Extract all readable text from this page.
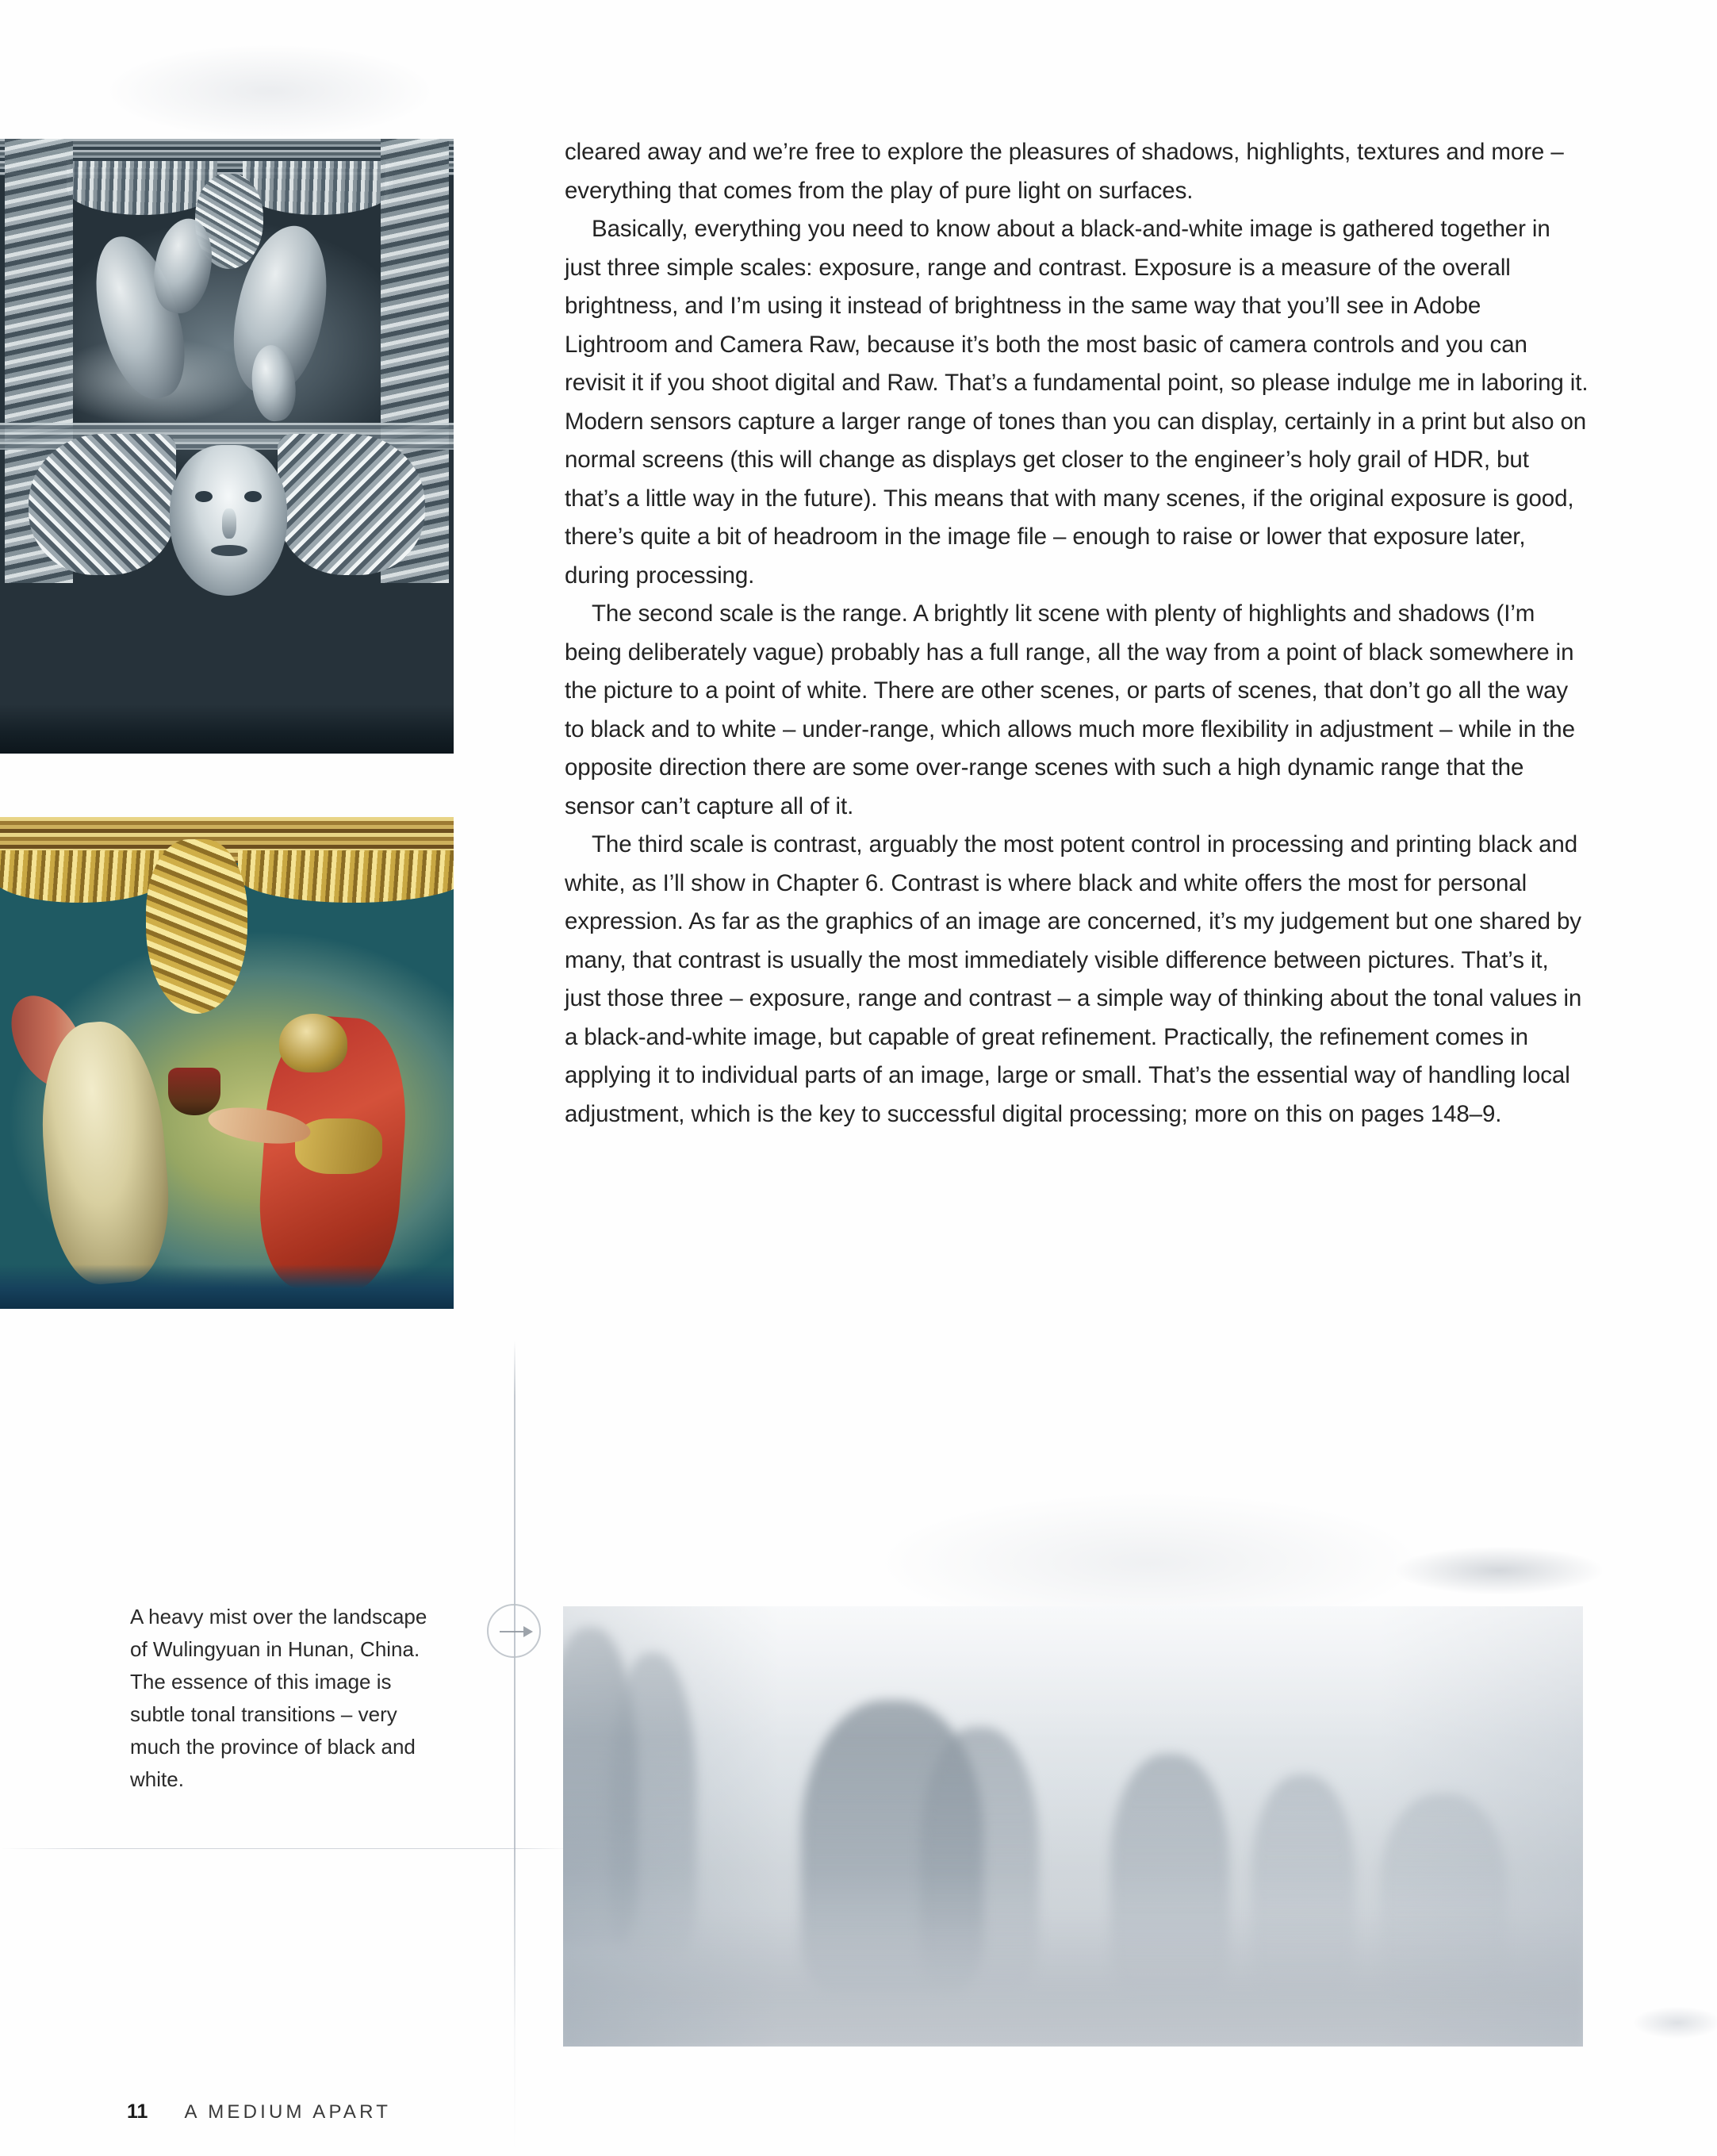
cleared away and we’re free to explore the pleasures of shadows, highlights, textures and more – everything that comes from the play of pure light on surfaces.

Basically, everything you need to know about a black-and-white image is gathered together in just three simple scales: exposure, range and contrast. Exposure is a measure of the overall brightness, and I’m using it instead of brightness in the same way that you’ll see in Adobe Lightroom and Camera Raw, because it’s both the most basic of camera controls and you can revisit it if you shoot digital and Raw. That’s a fundamental point, so please indulge me in laboring it. Modern sensors capture a larger range of tones than you can display, certainly in a print but also on normal screens (this will change as displays get closer to the engineer’s holy grail of HDR, but that’s a little way in the future). This means that with many scenes, if the original exposure is good, there’s quite a bit of headroom in the image file – enough to raise or lower that exposure later, during processing.

The second scale is the range. A brightly lit scene with plenty of highlights and shadows (I’m being deliberately vague) probably has a full range, all the way from a point of black somewhere in the picture to a point of white. There are other scenes, or parts of scenes, that don’t go all the way to black and to white – under-range, which allows much more flexibility in adjustment – while in the opposite direction there are some over-range scenes with such a high dynamic range that the sensor can’t capture all of it.

The third scale is contrast, arguably the most potent control in processing and printing black and white, as I’ll show in Chapter 6. Contrast is where black and white offers the most for personal expression. As far as the graphics of an image are concerned, it’s my judgement but one shared by many, that contrast is usually the most immediately visible difference between pictures. That’s it, just those three – exposure, range and contrast – a simple way of thinking about the tonal values in a black-and-white image, but capable of great refinement. Practically, the refinement comes in applying it to individual parts of an image, large or small. That’s the essential way of handling local adjustment, which is the key to successful digital processing; more on this on pages 148–9.

A heavy mist over the landscape of Wulingyuan in Hunan, China. The essence of this image is subtle tonal transitions – very much the province of black and white.
11 A MEDIUM APART
